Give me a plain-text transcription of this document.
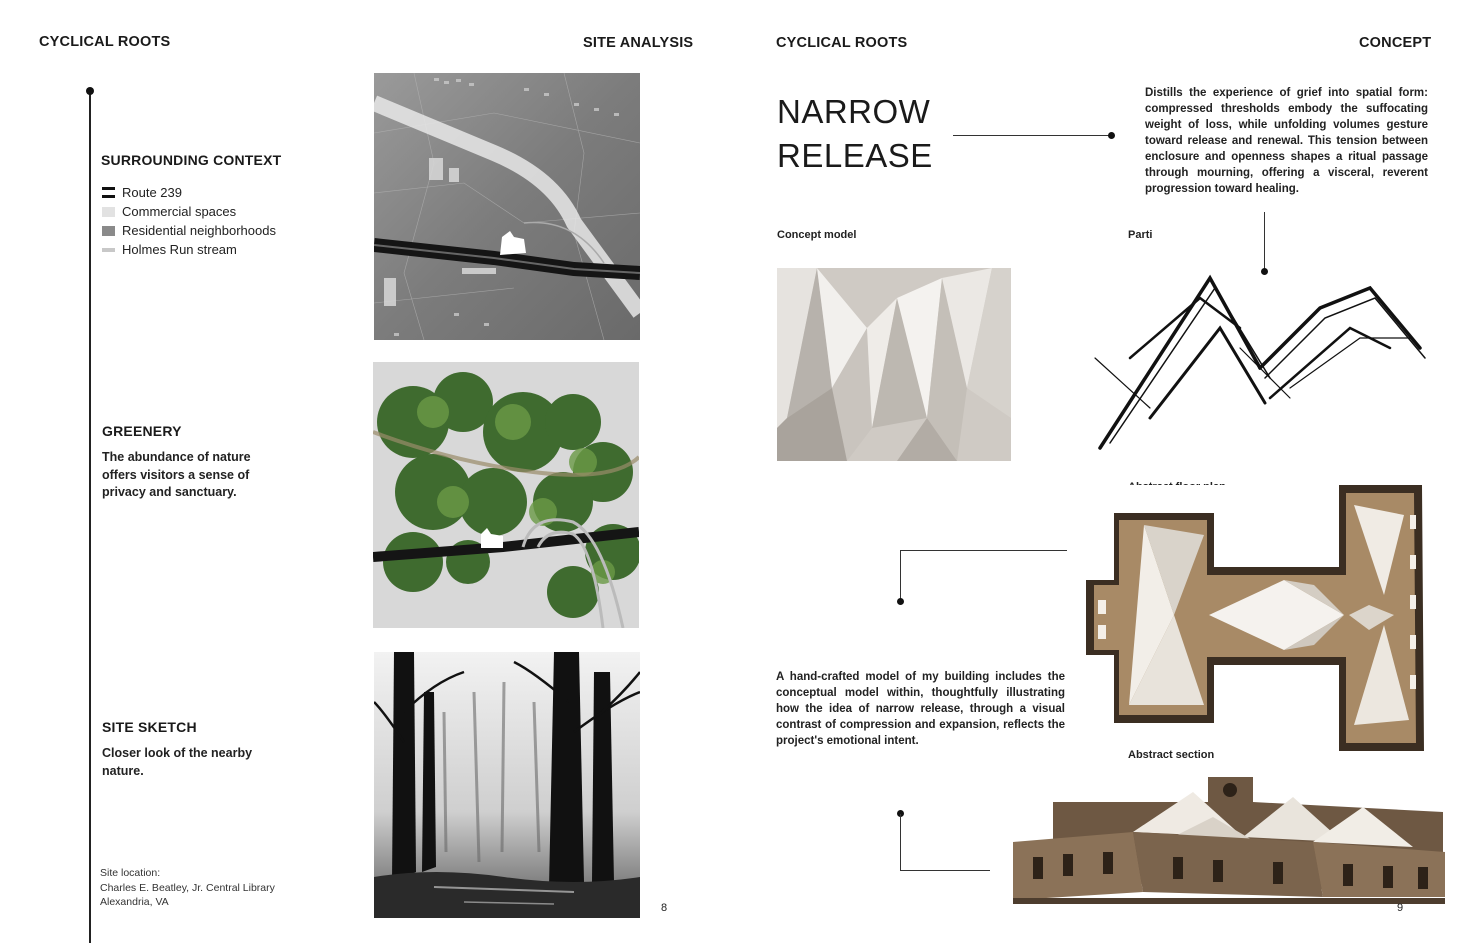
CYCLICAL ROOTS	SITE ANALYSIS
SURROUNDING CONTEXT
Route 239
Commercial spaces
Residential neighborhoods
Holmes Run stream
GREENERY
The abundance of nature offers visitors a sense of privacy and sanctuary.
SITE SKETCH
Closer look of the nearby nature.
Site location:
Charles E. Beatley, Jr. Central Library
Alexandria, VA	8
CYCLICAL ROOTS	CONCEPT
NARROW
RELEASE
Distills the experience of grief into spatial form: compressed thresholds embody the suffocating weight of loss, while unfolding volumes gesture toward release and renewal. This tension between enclosure and openness shapes a ritual passage through mourning, offering a visceral, reverent progression toward healing.
Concept model	Parti
A hand-crafted model of my building includes the conceptual model within, thoughtfully illustrating how the idea of narrow release, through a visual contrast of compression and expansion, reflects the project's emotional intent.
Abstract section
9
